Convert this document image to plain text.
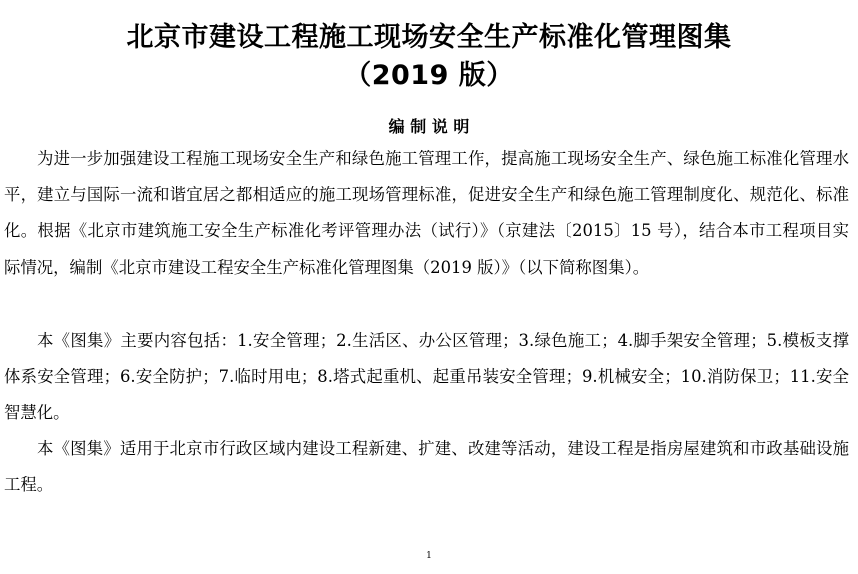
北京市建设工程施工现场安全生产标准化管理图集
（2019 版）
编 制 说 明

为进一步加强建设工程施工现场安全生产和绿色施工管理工作，提高施工现场安全生产、绿色施工标准化管理水平，建立与国际一流和谐宜居之都相适应的施工现场管理标准，促进安全生产和绿色施工管理制度化、规范化、标准化。根据《北京市建筑施工安全生产标准化考评管理办法（试行）》（京建法〔2015〕15 号），结合本市工程项目实际情况，编制《北京市建设工程安全生产标准化管理图集（2019 版）》（以下简称图集）。

本《图集》主要内容包括：1.安全管理；2.生活区、办公区管理；3.绿色施工；4.脚手架安全管理；5.模板支撑体系安全管理；6.安全防护；7.临时用电；8.塔式起重机、起重吊装安全管理；9.机械安全；10.消防保卫；11.安全智慧化。

本《图集》适用于北京市行政区域内建设工程新建、扩建、改建等活动，建设工程是指房屋建筑和市政基础设施工程。

1
